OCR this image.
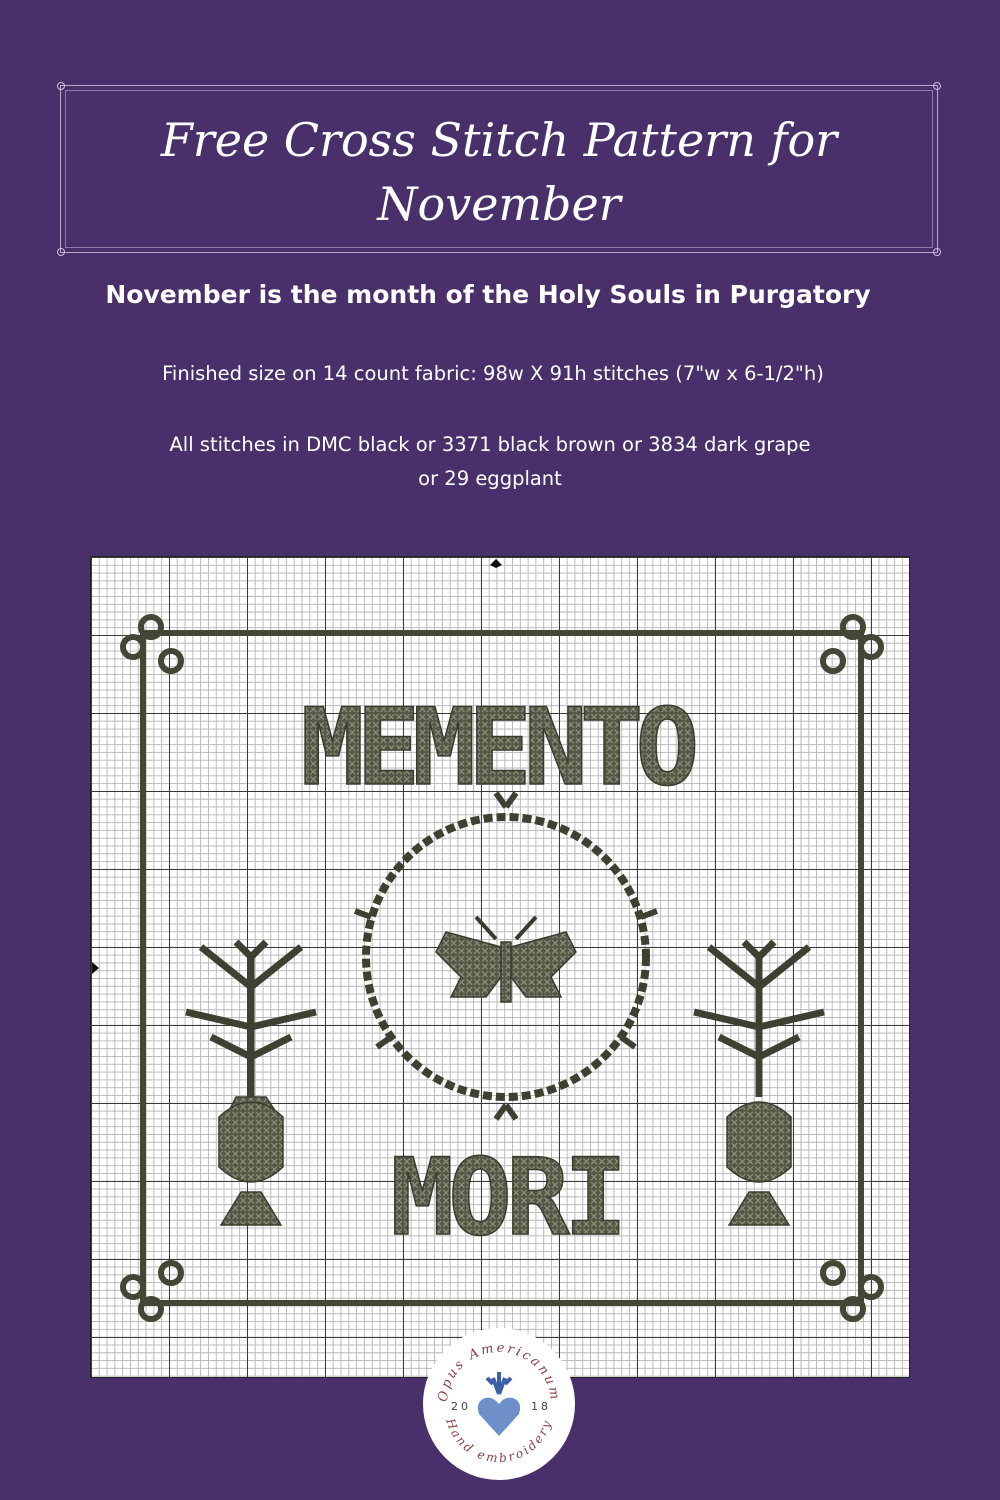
Free Cross Stitch Pattern for
November

November is the month of the Holy Souls in Purgatory

Finished size on 14 count fabric: 98w X 91h stitches (7"w x 6-1/2"h)

All stitches in DMC black or 3371 black brown or 3834 dark grape
or 29 eggplant

MEMENTO
MORI
Opus Americanum
Hand embroidery
20	18
